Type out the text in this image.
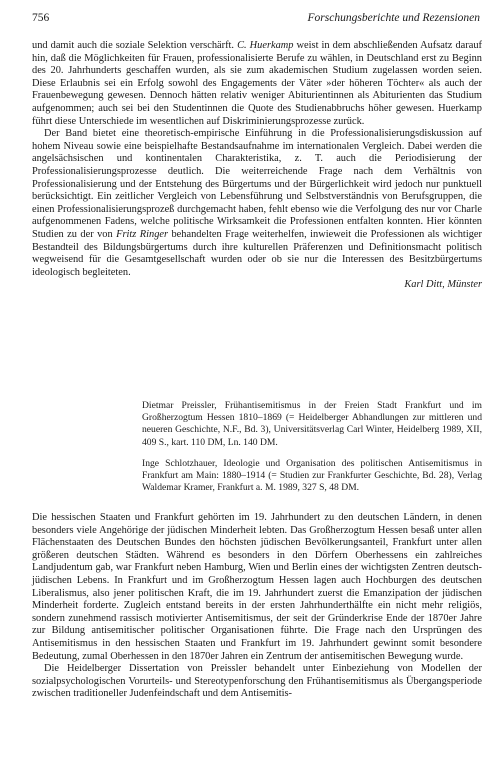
756	Forschungsberichte und Rezensionen

und damit auch die soziale Selektion verschärft. C. Huerkamp weist in dem abschließenden Aufsatz darauf hin, daß die Möglichkeiten für Frauen, professionalisierte Berufe zu wählen, in Deutschland erst zu Beginn des 20. Jahrhunderts geschaffen wurden, als sie zum akademischen Studium zugelassen worden seien. Diese Erlaubnis sei ein Erfolg sowohl des Engagements der Väter »der höheren Töchter« als auch der Frauenbewegung gewesen. Dennoch hätten relativ weniger Abiturientinnen als Abiturienten das Studium aufgenommen; auch sei bei den Studentinnen die Quote des Studienabbruchs höher gewesen. Huerkamp führt diese Unterschiede im wesentlichen auf Diskriminierungsprozesse zurück.

Der Band bietet eine theoretisch-empirische Einführung in die Professionalisierungsdiskussion auf hohem Niveau sowie eine beispielhafte Bestandsaufnahme im internationalen Vergleich. Dabei werden die angelsächsischen und kontinentalen Charakteristika, z. T. auch die Periodisierung der Professionalisierungsprozesse deutlich. Die weiterreichende Frage nach dem Verhältnis von Professionalisierung und der Entstehung des Bürgertums und der Bürgerlichkeit wird jedoch nur punktuell berücksichtigt. Ein zeitlicher Vergleich von Lebensführung und Selbstverständnis von Berufsgruppen, die einen Professionalisierungsprozeß durchgemacht haben, fehlt ebenso wie die Verfolgung des nur vor Charle aufgenommenen Fadens, welche politische Wirksamkeit die Professionen entfalten konnten. Hier könnten Studien zu der von Fritz Ringer behandelten Frage weiterhelfen, inwieweit die Professionen als wichtiger Bestandteil des Bildungsbürgertums durch ihre kulturellen Präferenzen und Definitionsmacht politisch wegweisend für die Gesamtgesellschaft wurden oder ob sie nur die Interessen des Besitzbürgertums ideologisch begleiteten.

Karl Ditt, Münster

Dietmar Preissler, Frühantisemitismus in der Freien Stadt Frankfurt und im Großherzogtum Hessen 1810–1869 (= Heidelberger Abhandlungen zur mittleren und neueren Geschichte, N.F., Bd. 3), Universitätsverlag Carl Winter, Heidelberg 1989, XII, 409 S., kart. 110 DM, Ln. 140 DM.

Inge Schlotzhauer, Ideologie und Organisation des politischen Antisemitismus in Frankfurt am Main: 1880–1914 (= Studien zur Frankfurter Geschichte, Bd. 28), Verlag Waldemar Kramer, Frankfurt a. M. 1989, 327 S, 48 DM.

Die hessischen Staaten und Frankfurt gehörten im 19. Jahrhundert zu den deutschen Ländern, in denen besonders viele Angehörige der jüdischen Minderheit lebten. Das Großherzogtum Hessen besaß unter allen Flächenstaaten des Deutschen Bundes den höchsten jüdischen Bevölkerungsanteil, Frankfurt unter allen größeren deutschen Städten. Während es besonders in den Dörfern Oberhessens ein zahlreiches Landjudentum gab, war Frankfurt neben Hamburg, Wien und Berlin eines der wichtigsten Zentren deutsch-jüdischen Lebens. In Frankfurt und im Großherzogtum Hessen lagen auch Hochburgen des deutschen Liberalismus, also jener politischen Kraft, die im 19. Jahrhundert zuerst die Emanzipation der jüdischen Minderheit forderte. Zugleich entstand bereits in der ersten Jahrhunderthälfte ein nicht mehr religiös, sondern zunehmend rassisch motivierter Antisemitismus, der seit der Gründerkrise Ende der 1870er Jahre zur Bildung antisemitischer politischer Organisationen führte. Die Frage nach den Ursprüngen des Antisemitismus in den hessischen Staaten und Frankfurt im 19. Jahrhundert gewinnt somit besondere Bedeutung, zumal Oberhessen in den 1870er Jahren ein Zentrum der antisemitischen Bewegung wurde.

Die Heidelberger Dissertation von Preissler behandelt unter Einbeziehung von Modellen der sozialpsychologischen Vorurteils- und Stereotypenforschung den Frühantisemitismus als Übergangsperiode zwischen traditioneller Judenfeindschaft und dem Antisemitis-
